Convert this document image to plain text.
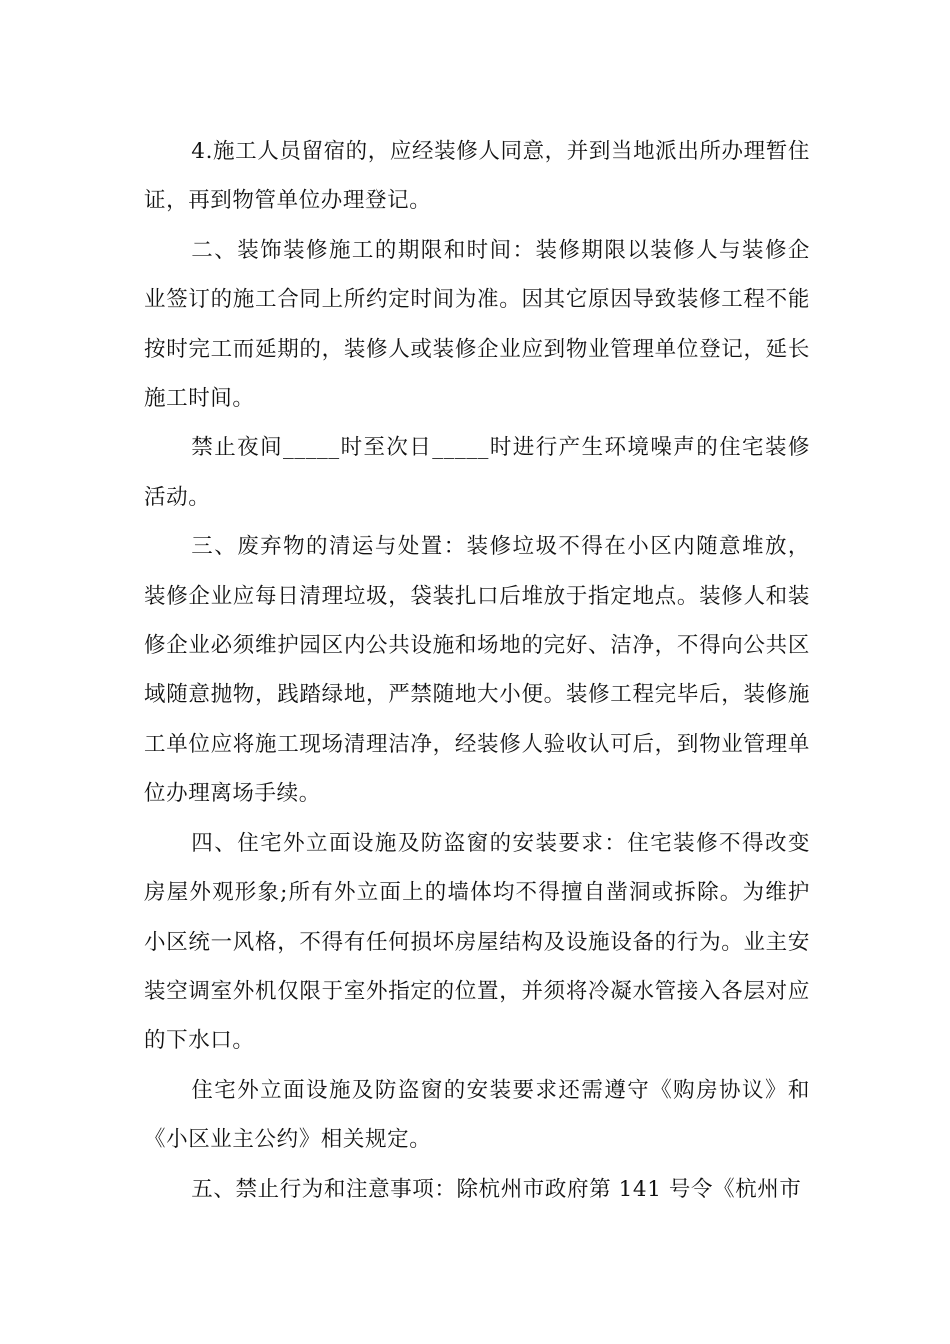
4.施工人员留宿的，应经装修人同意，并到当地派出所办理暂住证，再到物管单位办理登记。

二、装饰装修施工的期限和时间：装修期限以装修人与装修企业签订的施工合同上所约定时间为准。因其它原因导致装修工程不能按时完工而延期的，装修人或装修企业应到物业管理单位登记，延长施工时间。

禁止夜间_____时至次日_____时进行产生环境噪声的住宅装修活动。

三、废弃物的清运与处置：装修垃圾不得在小区内随意堆放，装修企业应每日清理垃圾，袋装扎口后堆放于指定地点。装修人和装修企业必须维护园区内公共设施和场地的完好、洁净，不得向公共区域随意抛物，践踏绿地，严禁随地大小便。装修工程完毕后，装修施工单位应将施工现场清理洁净，经装修人验收认可后，到物业管理单位办理离场手续。

四、住宅外立面设施及防盗窗的安装要求：住宅装修不得改变房屋外观形象;所有外立面上的墙体均不得擅自凿洞或拆除。为维护小区统一风格，不得有任何损坏房屋结构及设施设备的行为。业主安装空调室外机仅限于室外指定的位置，并须将冷凝水管接入各层对应的下水口。

住宅外立面设施及防盗窗的安装要求还需遵守《购房协议》和《小区业主公约》相关规定。

五、禁止行为和注意事项：除杭州市政府第 141 号令《杭州市
